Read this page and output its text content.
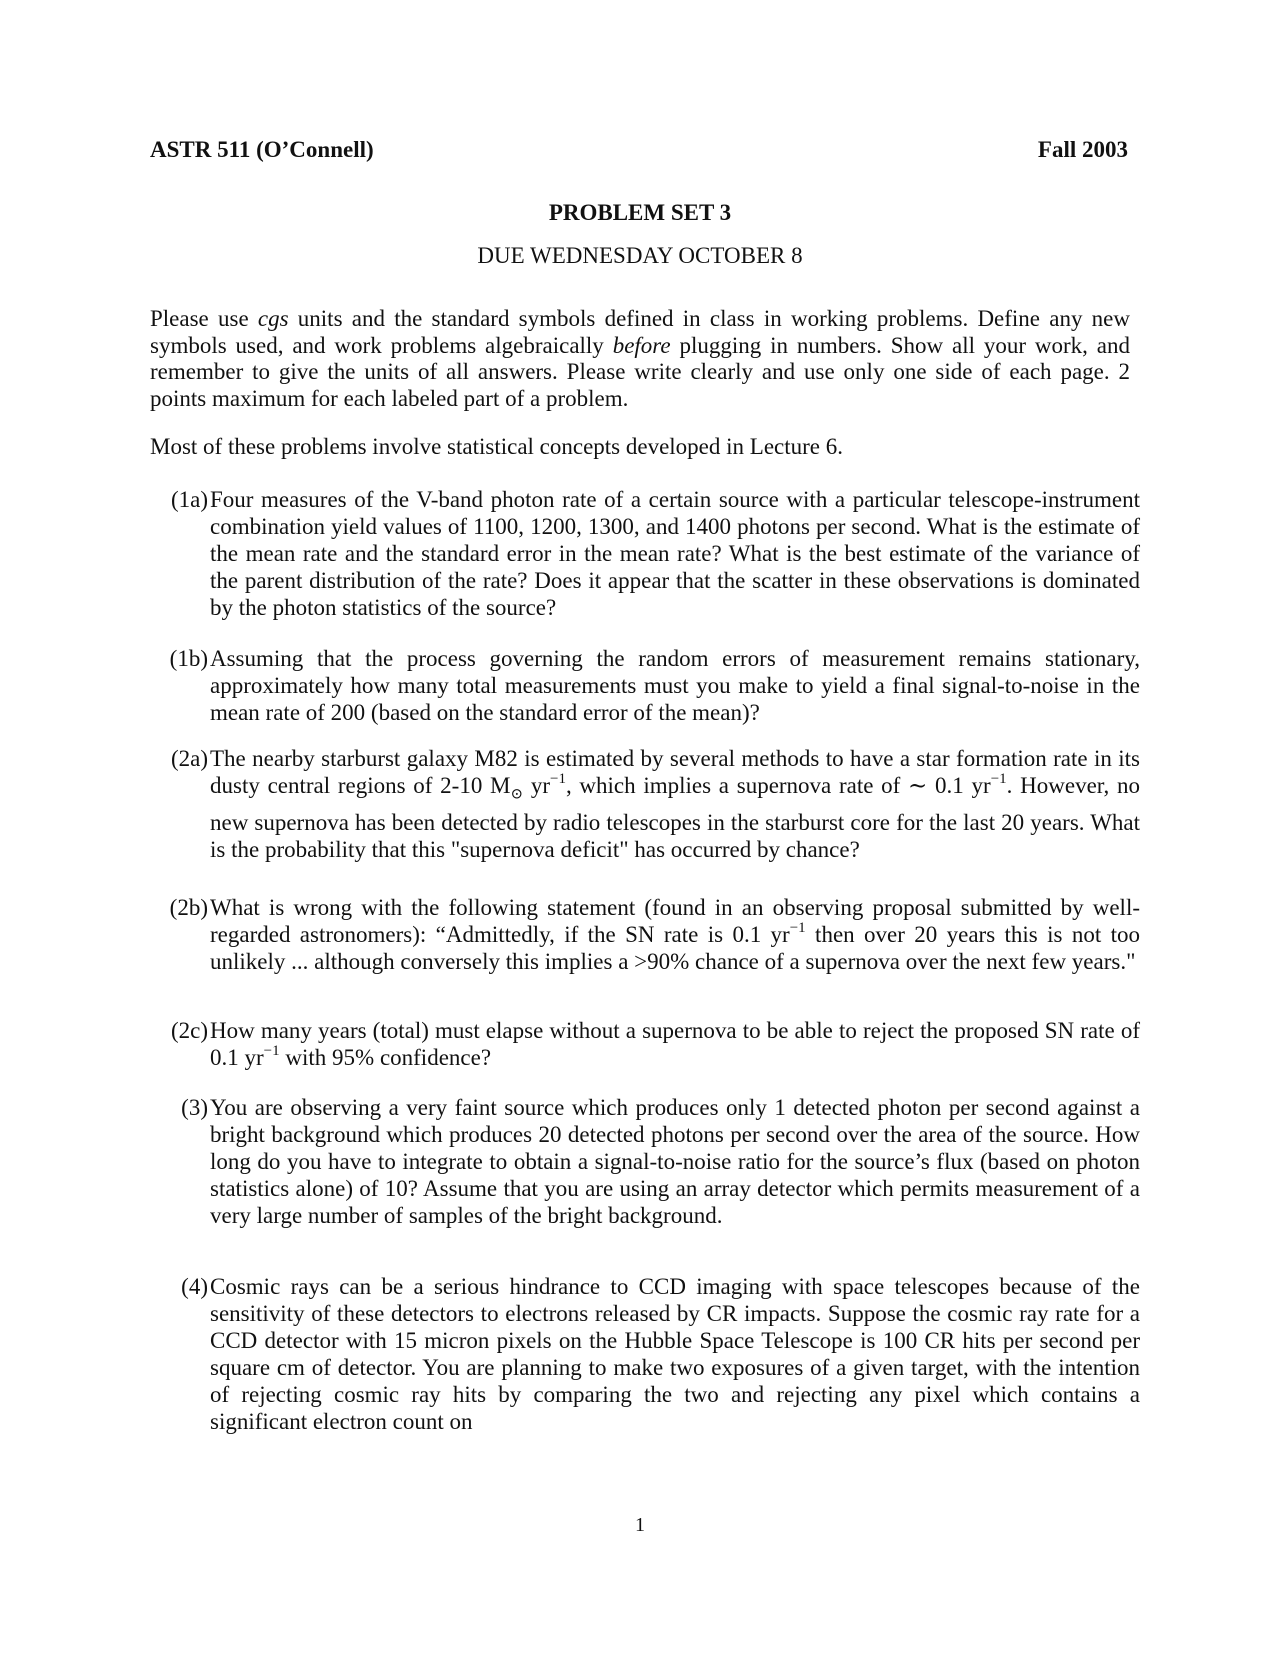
ASTR 511 (O’Connell)	Fall 2003
PROBLEM SET 3
DUE WEDNESDAY OCTOBER 8
Please use cgs units and the standard symbols defined in class in working problems. Define any new symbols used, and work problems algebraically before plugging in numbers. Show all your work, and remember to give the units of all answers. Please write clearly and use only one side of each page. 2 points maximum for each labeled part of a problem.
Most of these problems involve statistical concepts developed in Lecture 6.
(1a) Four measures of the V-band photon rate of a certain source with a particular telescope-instrument combination yield values of 1100, 1200, 1300, and 1400 photons per second. What is the estimate of the mean rate and the standard error in the mean rate? What is the best estimate of the variance of the parent distribution of the rate? Does it appear that the scatter in these observations is dominated by the photon statistics of the source?
(1b) Assuming that the process governing the random errors of measurement remains stationary, approximately how many total measurements must you make to yield a final signal-to-noise in the mean rate of 200 (based on the standard error of the mean)?
(2a) The nearby starburst galaxy M82 is estimated by several methods to have a star formation rate in its dusty central regions of 2-10 $M_⊙$ $yr^{-1}$, which implies a supernova rate of ∼ 0.1 $yr^{-1}$. However, no new supernova has been detected by radio telescopes in the starburst core for the last 20 years. What is the probability that this "supernova deficit" has occurred by chance?
(2b) What is wrong with the following statement (found in an observing proposal submitted by well-regarded astronomers): “Admittedly, if the SN rate is 0.1 $yr^{-1}$ then over 20 years this is not too unlikely ... although conversely this implies a >90% chance of a supernova over the next few years."
(2c) How many years (total) must elapse without a supernova to be able to reject the proposed SN rate of 0.1 $yr^{-1}$ with 95% confidence?
(3) You are observing a very faint source which produces only 1 detected photon per second against a bright background which produces 20 detected photons per second over the area of the source. How long do you have to integrate to obtain a signal-to-noise ratio for the source’s flux (based on photon statistics alone) of 10? Assume that you are using an array detector which permits measurement of a very large number of samples of the bright background.
(4) Cosmic rays can be a serious hindrance to CCD imaging with space telescopes because of the sensitivity of these detectors to electrons released by CR impacts. Suppose the cosmic ray rate for a CCD detector with 15 micron pixels on the Hubble Space Telescope is 100 CR hits per second per square cm of detector. You are planning to make two exposures of a given target, with the intention of rejecting cosmic ray hits by comparing the two and rejecting any pixel which contains a significant electron count on
1
